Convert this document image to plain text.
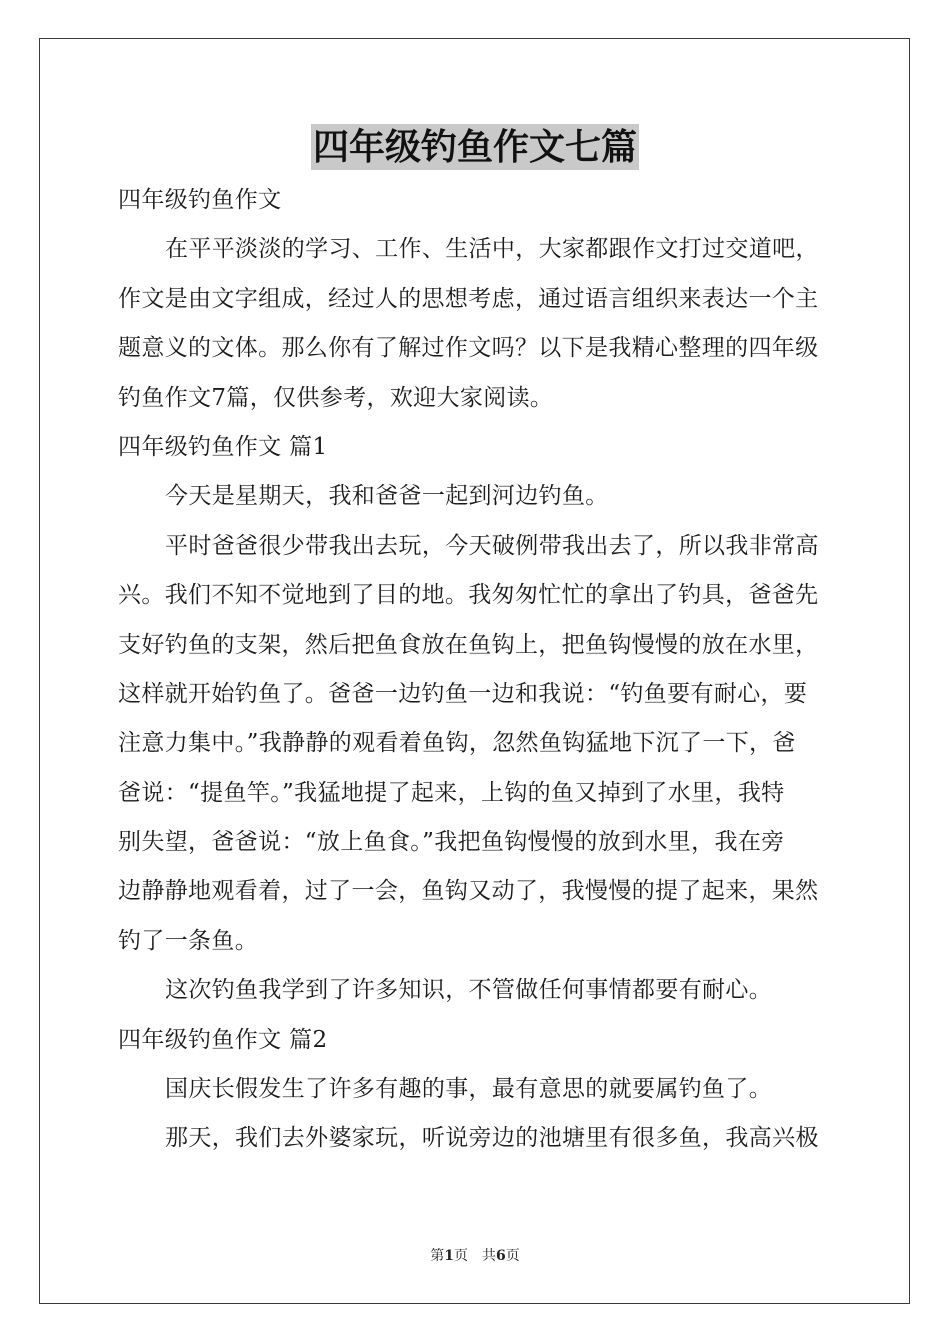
四年级钓鱼作文七篇
四年级钓鱼作文
在平平淡淡的学习、工作、生活中，大家都跟作文打过交道吧，
作文是由文字组成，经过人的思想考虑，通过语言组织来表达一个主
题意义的文体。那么你有了解过作文吗？以下是我精心整理的四年级
钓鱼作文7篇，仅供参考，欢迎大家阅读。
四年级钓鱼作文 篇1
今天是星期天，我和爸爸一起到河边钓鱼。
平时爸爸很少带我出去玩，今天破例带我出去了，所以我非常高
兴。我们不知不觉地到了目的地。我匆匆忙忙的拿出了钓具，爸爸先
支好钓鱼的支架，然后把鱼食放在鱼钩上，把鱼钩慢慢的放在水里，
这样就开始钓鱼了。爸爸一边钓鱼一边和我说：“钓鱼要有耐心，要
注意力集中。”我静静的观看着鱼钩，忽然鱼钩猛地下沉了一下，爸
爸说：“提鱼竿。”我猛地提了起来，上钩的鱼又掉到了水里，我特
别失望，爸爸说：“放上鱼食。”我把鱼钩慢慢的放到水里，我在旁
边静静地观看着，过了一会，鱼钩又动了，我慢慢的提了起来，果然
钓了一条鱼。
这次钓鱼我学到了许多知识，不管做任何事情都要有耐心。
四年级钓鱼作文 篇2
国庆长假发生了许多有趣的事，最有意思的就要属钓鱼了。
那天，我们去外婆家玩，听说旁边的池塘里有很多鱼，我高兴极
第1页　共6页
